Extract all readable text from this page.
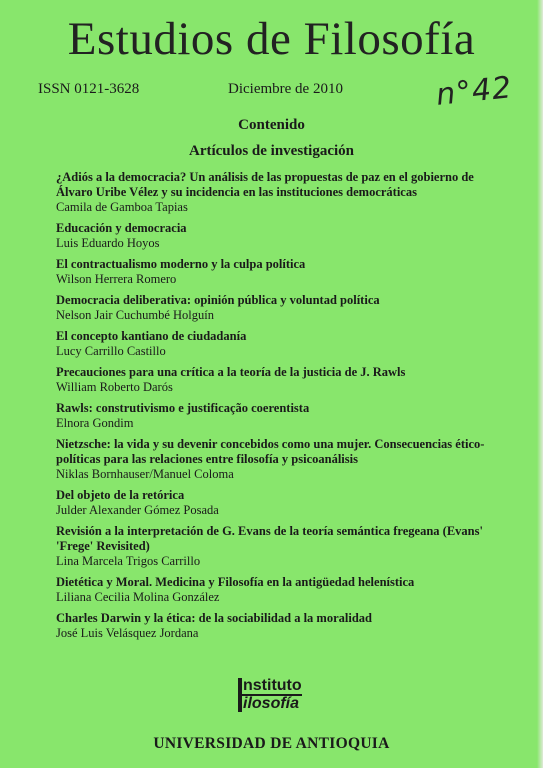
Estudios de Filosofía
ISSN 0121-3628	Diciembre de 2010	n°42
Contenido
Artículos de investigación
¿Adiós a la democracia? Un análisis de las propuestas de paz en el gobierno de Álvaro Uribe Vélez y su incidencia en las instituciones democráticas
Camila de Gamboa Tapias
Educación y democracia
Luis Eduardo Hoyos
El contractualismo moderno y la culpa política
Wilson Herrera Romero
Democracia deliberativa: opinión pública y voluntad política
Nelson Jair Cuchumbé Holguín
El concepto kantiano de ciudadanía
Lucy Carrillo Castillo
Precauciones para una crítica a la teoría de la justicia de J. Rawls
William Roberto Darós
Rawls: construtivismo e justificação coerentista
Elnora Gondim
Nietzsche: la vida y su devenir concebidos como una mujer. Consecuencias ético-políticas para las relaciones entre filosofía y psicoanálisis
Niklas Bornhauser/Manuel Coloma
Del objeto de la retórica
Julder Alexander Gómez Posada
Revisión a la interpretación de G. Evans de la teoría semántica fregeana (Evans' 'Frege' Revisited)
Lina Marcela Trigos Carrillo
Dietética y Moral. Medicina y Filosofía en la antigüedad helenística
Liliana Cecilia Molina González
Charles Darwin y la ética: de la sociabilidad a la moralidad
José Luis Velásquez Jordana
nstituto
ilosofía
UNIVERSIDAD DE ANTIOQUIA
